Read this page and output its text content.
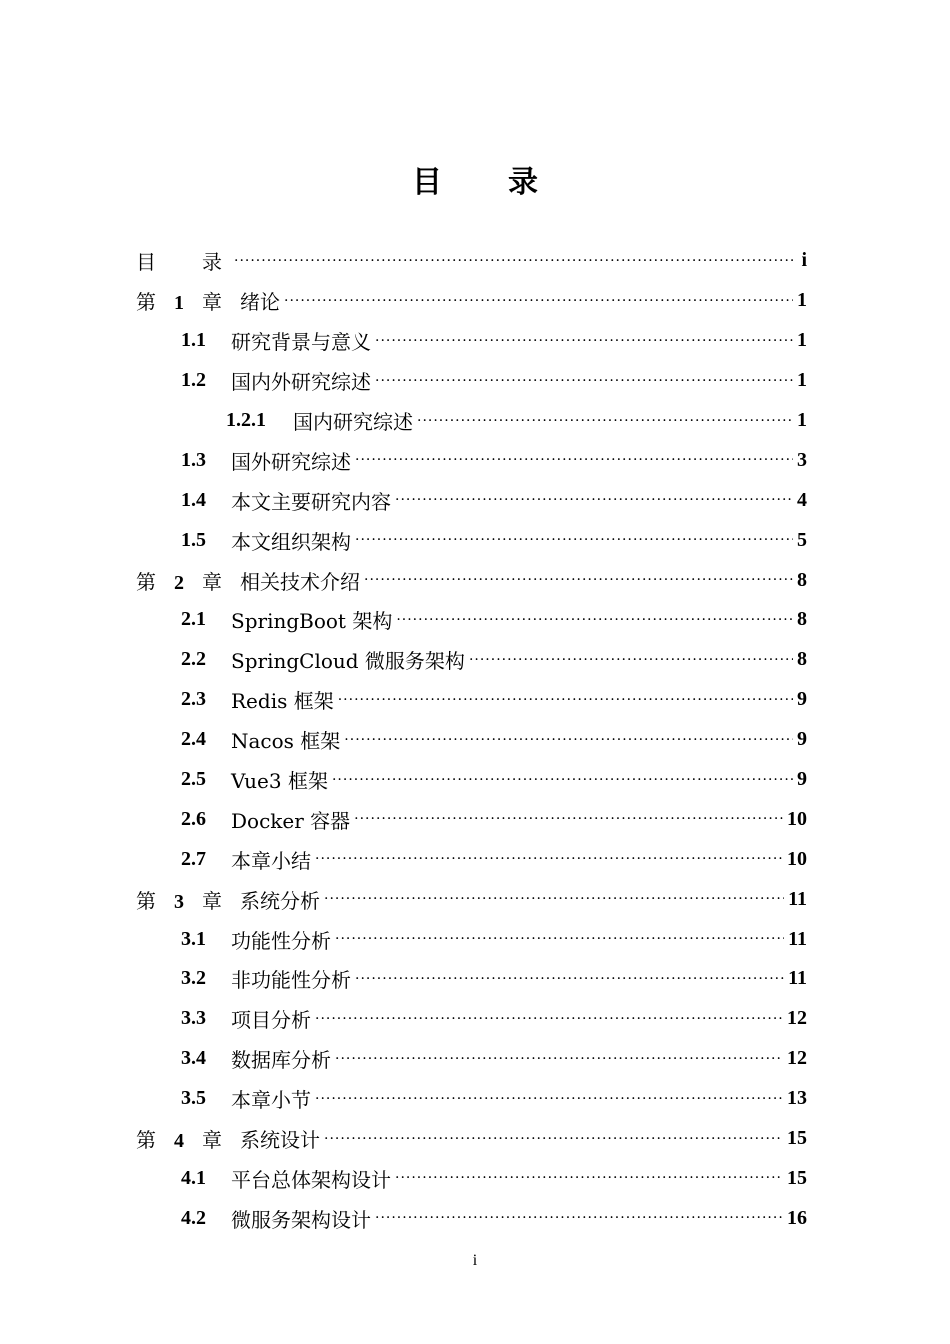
目 录
目 录 ·····	i
第 1 章 绪论 ·····	1
1.1	研究背景与意义 ·····	1
1.2	国内外研究综述 ·····	1
1.2.1	国内研究综述 ·····	1
1.3	国外研究综述 ·····	3
1.4	本文主要研究内容 ·····	4
1.5	本文组织架构 ·····	5
第 2 章 相关技术介绍 ·····	8
2.1	SpringBoot 架构 ·····	8
2.2	SpringCloud 微服务架构 ·····	8
2.3	Redis 框架 ·····	9
2.4	Nacos 框架 ·····	9
2.5	Vue3 框架 ·····	9
2.6	Docker 容器 ·····	10
2.7	本章小结 ·····	10
第 3 章 系统分析 ·····	11
3.1	功能性分析 ·····	11
3.2	非功能性分析 ·····	11
3.3	项目分析 ·····	12
3.4	数据库分析 ·····	12
3.5	本章小节 ·····	13
第 4 章 系统设计 ·····	15
4.1	平台总体架构设计 ·····	15
4.2	微服务架构设计 ·····	16
i
